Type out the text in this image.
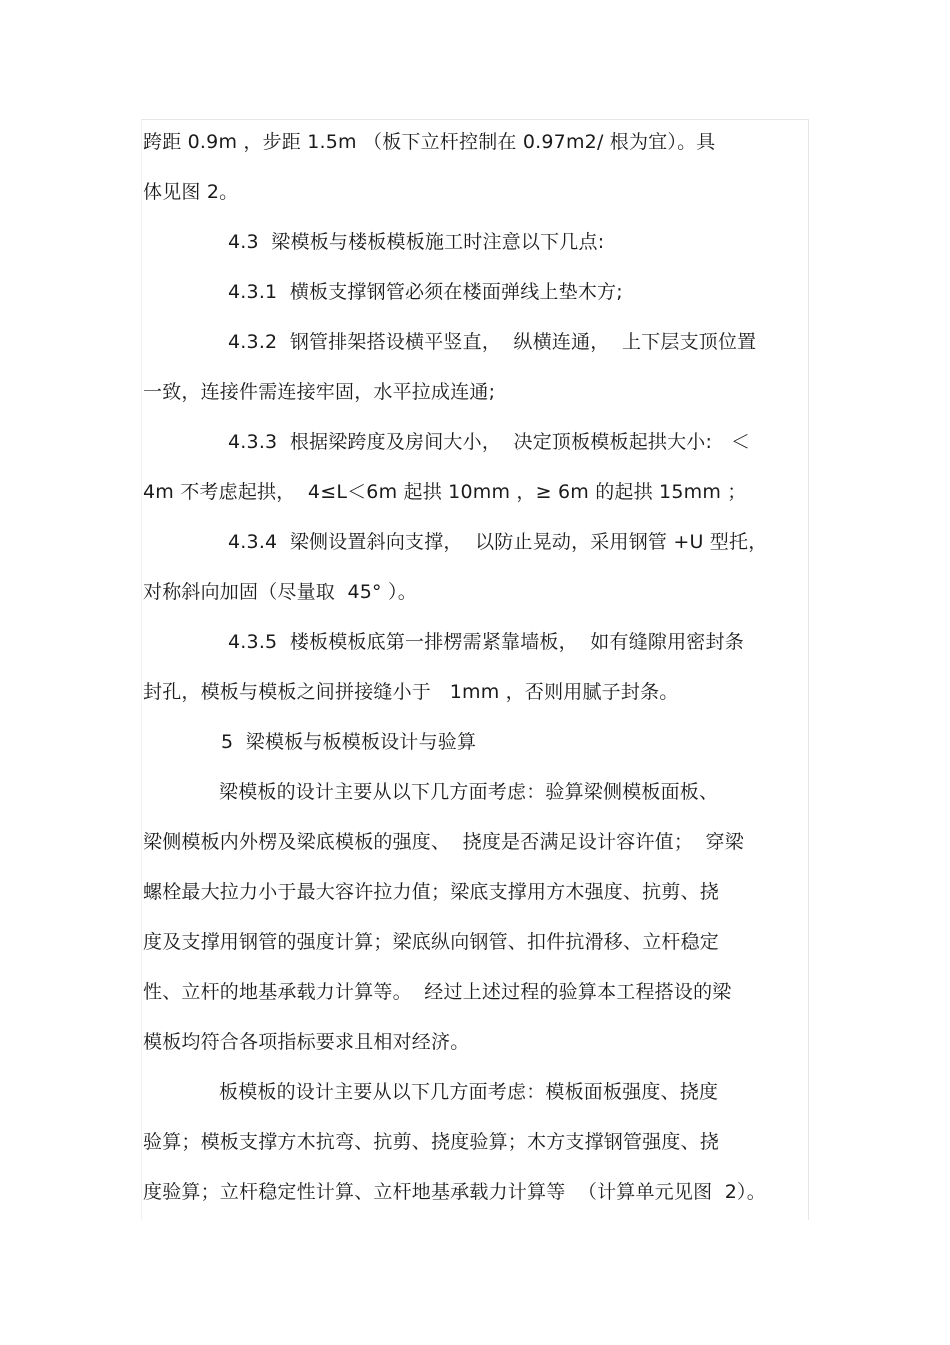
跨距 0.9m ，步距 1.5m （板下立杆控制在 0.97m2/ 根为宜）。具
体见图 2。
4.3  梁模板与楼板模板施工时注意以下几点:
4.3.1  横板支撑钢管必须在楼面弹线上垫木方;
4.3.2  钢管排架搭设横平竖直，  纵横连通，  上下层支顶位置
一致，连接件需连接牢固，水平拉成连通;
4.3.3  根据梁跨度及房间大小，  决定顶板模板起拱大小:   ＜
4m 不考虑起拱，  4≤L＜6m 起拱 10mm ，≥ 6m 的起拱 15mm ；
4.3.4  梁侧设置斜向支撑，  以防止晃动，采用钢管 +U 型托，
对称斜向加固（尽量取  45° ）。
4.3.5  楼板模板底第一排楞需紧靠墙板，  如有缝隙用密封条
封孔，模板与模板之间拼接缝小于   1mm ，否则用腻子封条。
5  梁模板与板模板设计与验算
梁模板的设计主要从以下几方面考虑：验算梁侧模板面板、
梁侧模板内外楞及梁底模板的强度、  挠度是否满足设计容许值；  穿梁
螺栓最大拉力小于最大容许拉力值；梁底支撑用方木强度、抗剪、挠
度及支撑用钢管的强度计算；梁底纵向钢管、扣件抗滑移、立杆稳定
性、立杆的地基承载力计算等。  经过上述过程的验算本工程搭设的梁
模板均符合各项指标要求且相对经济。
板模板的设计主要从以下几方面考虑：模板面板强度、挠度
验算；模板支撑方木抗弯、抗剪、挠度验算；木方支撑钢管强度、挠
度验算；立杆稳定性计算、立杆地基承载力计算等  （计算单元见图  2）。
